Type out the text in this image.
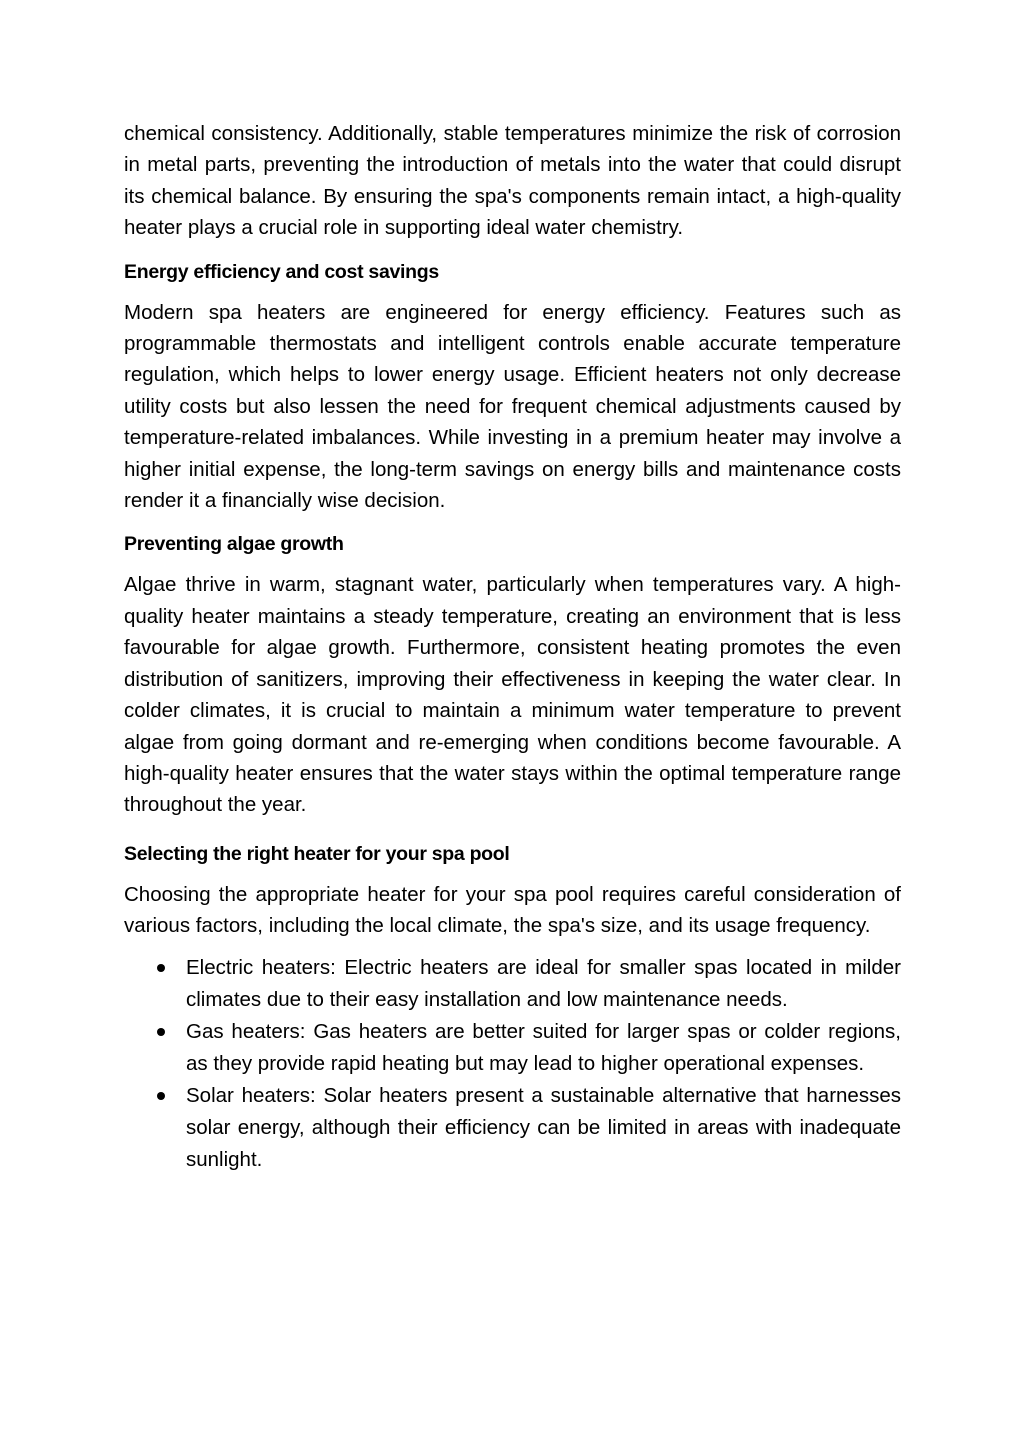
chemical consistency. Additionally, stable temperatures minimize the risk of corrosion in metal parts, preventing the introduction of metals into the water that could disrupt its chemical balance. By ensuring the spa's components remain intact, a high-quality heater plays a crucial role in supporting ideal water chemistry.

Energy efficiency and cost savings

Modern spa heaters are engineered for energy efficiency. Features such as programmable thermostats and intelligent controls enable accurate temperature regulation, which helps to lower energy usage. Efficient heaters not only decrease utility costs but also lessen the need for frequent chemical adjustments caused by temperature-related imbalances. While investing in a premium heater may involve a higher initial expense, the long-term savings on energy bills and maintenance costs render it a financially wise decision.

Preventing algae growth

Algae thrive in warm, stagnant water, particularly when temperatures vary. A high-quality heater maintains a steady temperature, creating an environment that is less favourable for algae growth. Furthermore, consistent heating promotes the even distribution of sanitizers, improving their effectiveness in keeping the water clear. In colder climates, it is crucial to maintain a minimum water temperature to prevent algae from going dormant and re-emerging when conditions become favourable. A high-quality heater ensures that the water stays within the optimal temperature range throughout the year.

Selecting the right heater for your spa pool

Choosing the appropriate heater for your spa pool requires careful consideration of various factors, including the local climate, the spa's size, and its usage frequency.

Electric heaters: Electric heaters are ideal for smaller spas located in milder climates due to their easy installation and low maintenance needs.
Gas heaters: Gas heaters are better suited for larger spas or colder regions, as they provide rapid heating but may lead to higher operational expenses.
Solar heaters: Solar heaters present a sustainable alternative that harnesses solar energy, although their efficiency can be limited in areas with inadequate sunlight.
